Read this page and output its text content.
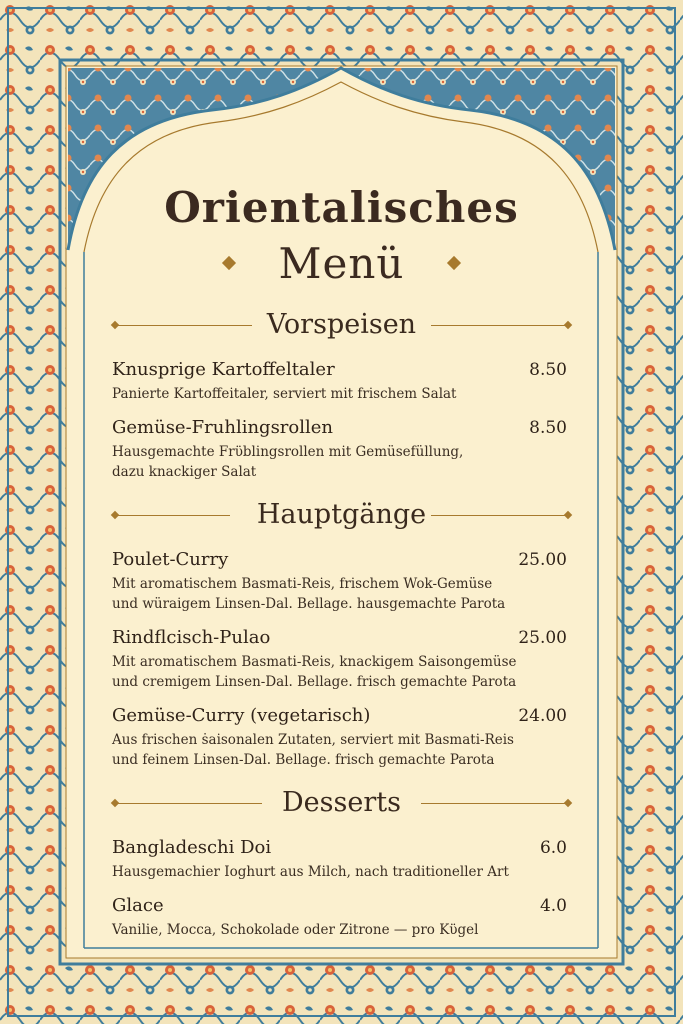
Orientalisches
Menü
Vorspeisen
Knusprige Kartoffeltaler	8.50
Panierte Kartoffeitaler, serviert mit frischem Salat
Gemüse-Fruhlingsrollen	8.50
Hausgemachte Frϋblingsrollen mit Gemüsefüllung,
dazu knackiger Salat
Hauptgänge
Poulet-Curry	25.00
Mit aromatischem Basmati-Reis, frischem Wok-Gemüse
und würaigem Linsen-Dal. Bellage. hausgemachte Parota
Rindflcisch-Pulao	25.00
Mit aromatischem Basmati-Reis, knackigem Saisongemüse
und cremigem Linsen-Dal. Bellage. frisch gemachte Parota
Gemüse-Curry (vegetarisch)	24.00
Aus frischen ṡaisonalen Zutaten, serviert mit Basmati-Reis
und feinem Linsen-Dal. Bellage. frisch gemachte Parota
Desserts
Bangladeschi Doi	6.0
Hausgemachier Ioghurt aus Milch, nach traditioneller Art
Glace	4.0
Vanilie, Mocca, Schokolade oder Zitrone — pro Kϋgel
